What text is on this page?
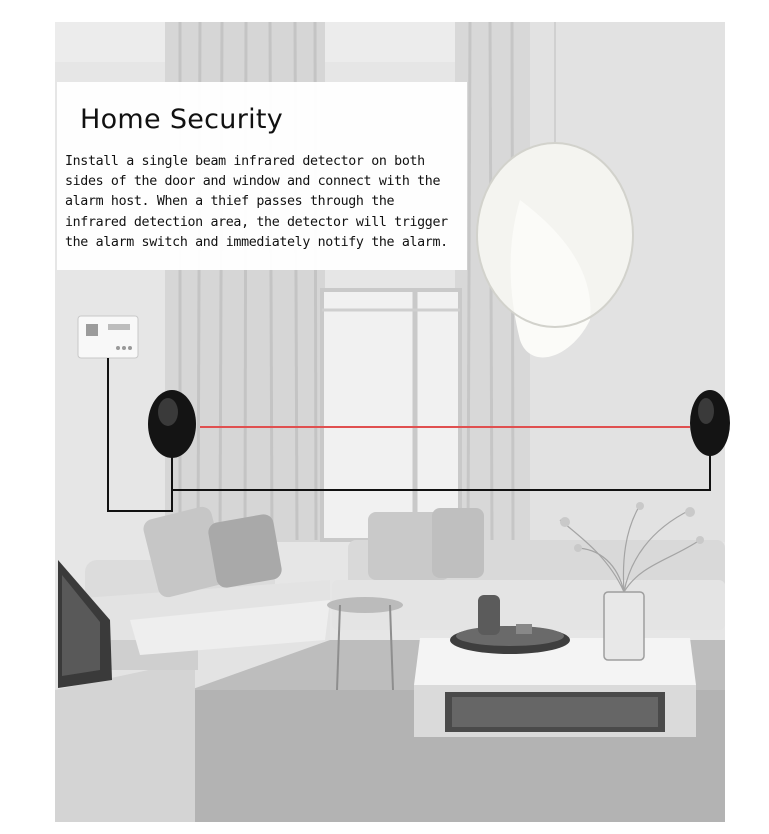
Home Security

Install a single beam infrared detector on both sides of the door and window and connect with the alarm host. When a thief passes through the infrared detection area, the detector will trigger the alarm switch and immediately notify the alarm.
